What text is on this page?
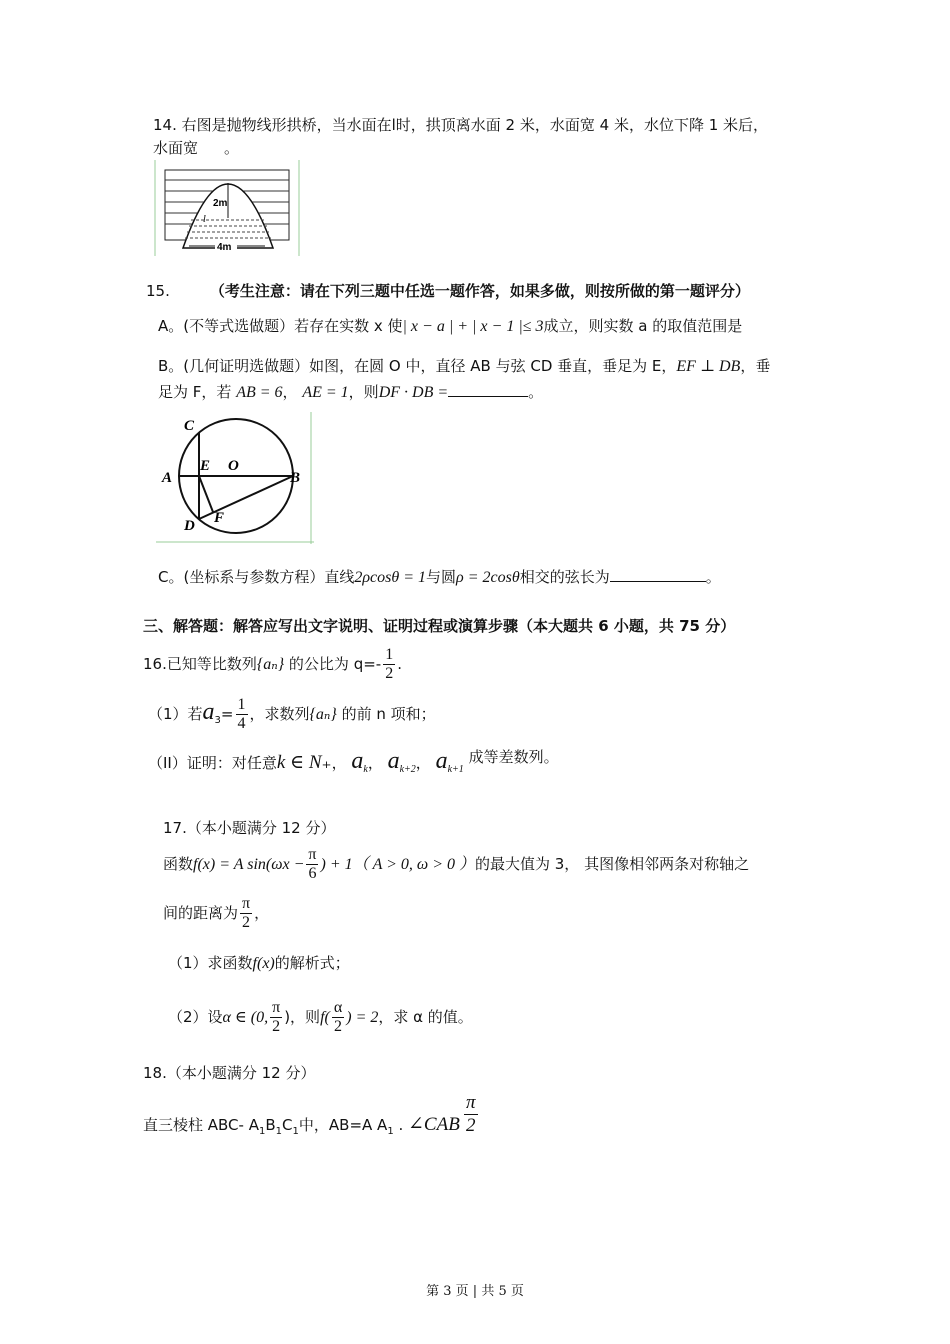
14. 右图是抛物线形拱桥，当水面在l时，拱顶离水面 2 米，水面宽 4 米，水位下降 1 米后，
水面宽 。
2m
l
4m
15.	（考生注意：请在下列三题中任选一题作答，如果多做，则按所做的第一题评分）
A。(不等式选做题）若存在实数 x 使| x − a | + | x − 1 |≤ 3成立，则实数 a 的取值范围是
B。(几何证明选做题）如图，在圆 O 中，直径 AB 与弦 CD 垂直，垂足为 E，EF ⊥ DB，垂
足为 F，若 AB = 6， AE = 1，则DF · DB =	。
C
A
E O
B
D F
C。(坐标系与参数方程）直线2ρcosθ = 1与圆ρ = 2cosθ相交的弦长为	。
三、解答题：解答应写出文字说明、证明过程或演算步骤（本大题共 6 小题，共 75 分）
16.已知等比数列{aₙ} 的公比为 $q=- \frac{1}{2}$ .
（1）若$a_3= \frac{1}{4}$ ，求数列{aₙ} 的前 n 项和；
（II）证明：对任意k ∈ N₊， $a_k$， $a_{k+2}$， $a_{k+1}$ 成等差数列。
17.（本小题满分 12 分）
函数f(x) = A $\sin(\omega x - \frac{\pi}{6}$ ) + 1（ A > 0, ω > 0 ）的最大值为 3， 其图像相邻两条对称轴之
间的距离为 $\frac{\pi}{2}$ ，
（1）求函数f(x)的解析式；
（2）设α ∈ (0, $\frac{\pi}{2}$ )，则$f( \frac{\alpha}{2}$ ) = 2，求 α 的值。
18.（本小题满分 12 分）
直三棱柱 ABC- $A_1B_1C_1$中，AB=A $A_1$ . ∠CAB $\frac{\pi}{2}$
第 3 页 | 共 5 页
